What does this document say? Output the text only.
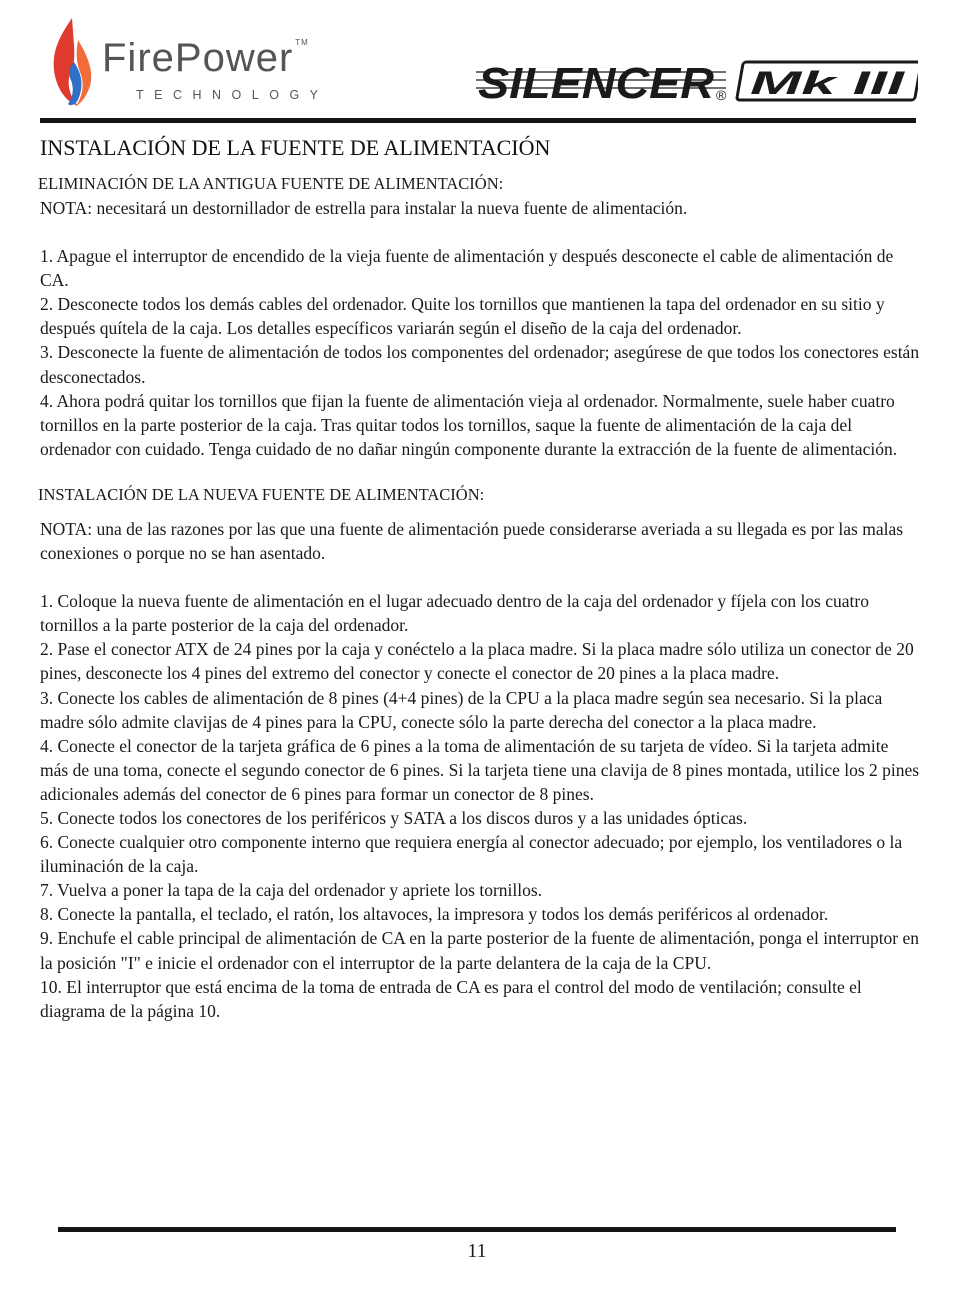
FirePower ™
TECHNOLOGY	SILENCER ® Mk III
INSTALACIÓN DE LA FUENTE DE ALIMENTACIÓN
ELIMINACIÓN DE LA ANTIGUA FUENTE DE ALIMENTACIÓN:

NOTA: necesitará un destornillador de estrella para instalar la nueva fuente de alimentación.

1. Apague el interruptor de encendido de la vieja fuente de alimentación y después desconecte el cable de alimentación de CA.

2. Desconecte todos los demás cables del ordenador. Quite los tornillos que mantienen la tapa del ordenador en su sitio y después quítela de la caja. Los detalles específicos variarán según el diseño de la caja del ordenador.

3. Desconecte la fuente de alimentación de todos los componentes del ordenador; asegúrese de que todos los conectores están desconectados.

4. Ahora podrá quitar los tornillos que fijan la fuente de alimentación vieja al ordenador. Normalmente, suele haber cuatro tornillos en la parte posterior de la caja. Tras quitar todos los tornillos, saque la fuente de alimentación de la caja del ordenador con cuidado. Tenga cuidado de no dañar ningún componente durante la extracción de la fuente de alimentación.

INSTALACIÓN DE LA NUEVA FUENTE DE ALIMENTACIÓN:

NOTA: una de las razones por las que una fuente de alimentación puede considerarse averiada a su llegada es por las malas conexiones o porque no se han asentado.

1. Coloque la nueva fuente de alimentación en el lugar adecuado dentro de la caja del ordenador y fíjela con los cuatro tornillos a la parte posterior de la caja del ordenador.

2. Pase el conector ATX de 24 pines por la caja y conéctelo a la placa madre. Si la placa madre sólo utiliza un conector de 20 pines, desconecte los 4 pines del extremo del conector y conecte el conector de 20 pines a la placa madre.

3. Conecte los cables de alimentación de 8 pines (4+4 pines) de la CPU a la placa madre según sea necesario. Si la placa madre sólo admite clavijas de 4 pines para la CPU, conecte sólo la parte derecha del conector a la placa madre.

4. Conecte el conector de la tarjeta gráfica de 6 pines a la toma de alimentación de su tarjeta de vídeo. Si la tarjeta admite más de una toma, conecte el segundo conector de 6 pines. Si la tarjeta tiene una clavija de 8 pines montada, utilice los 2 pines adicionales además del conector de 6 pines para formar un conector de 8 pines.

5. Conecte todos los conectores de los periféricos y SATA a los discos duros y a las unidades ópticas.

6. Conecte cualquier otro componente interno que requiera energía al conector adecuado; por ejemplo, los ventiladores o la iluminación de la caja.

7. Vuelva a poner la tapa de la caja del ordenador y apriete los tornillos.

8. Conecte la pantalla, el teclado, el ratón, los altavoces, la impresora y todos los demás periféricos al ordenador.

9. Enchufe el cable principal de alimentación de CA en la parte posterior de la fuente de alimentación, ponga el interruptor en la posición "I" e inicie el ordenador con el interruptor de la parte delantera de la caja de la CPU.

10. El interruptor que está encima de la toma de entrada de CA es para el control del modo de ventilación; consulte el diagrama de la página 10.

11
